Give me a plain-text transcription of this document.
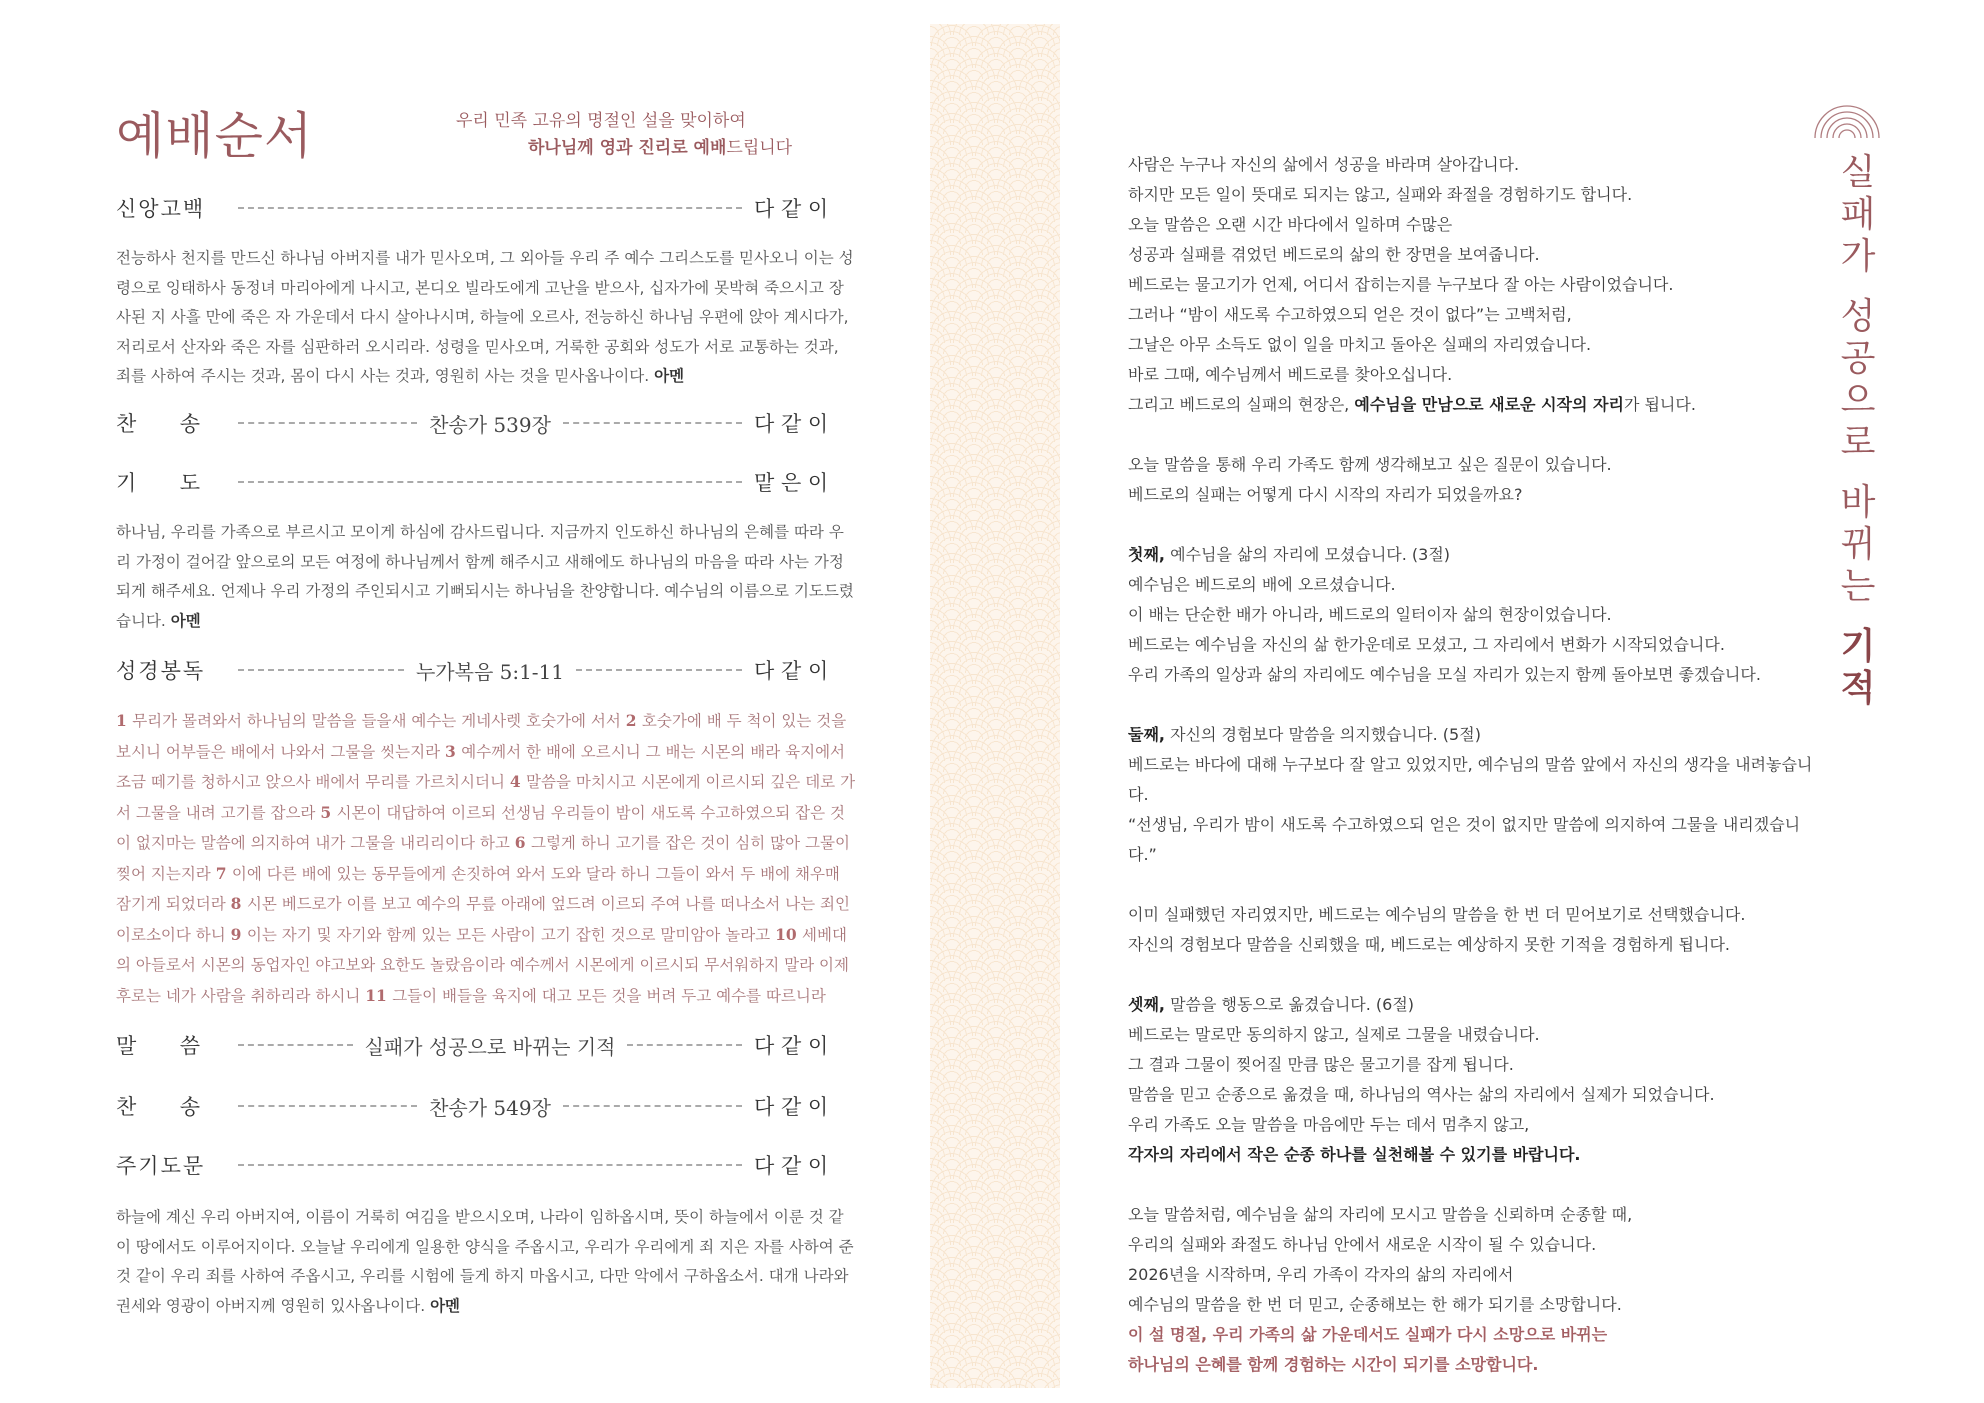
예배순서	우리 민족 고유의 명절인 설을 맞이하여
하나님께 영과 진리로 예배드립니다
신앙고백	다 같 이
전능하사 천지를 만드신 하나님 아버지를 내가 믿사오며, 그 외아들 우리 주 예수 그리스도를 믿사오니 이는 성령으로 잉태하사 동정녀 마리아에게 나시고, 본디오 빌라도에게 고난을 받으사, 십자가에 못박혀 죽으시고 장사된 지 사흘 만에 죽은 자 가운데서 다시 살아나시며, 하늘에 오르사, 전능하신 하나님 우편에 앉아 계시다가, 저리로서 산자와 죽은 자를 심판하러 오시리라. 성령을 믿사오며, 거룩한 공회와 성도가 서로 교통하는 것과, 죄를 사하여 주시는 것과, 몸이 다시 사는 것과, 영원히 사는 것을 믿사옵나이다. 아멘
찬 송	찬송가 539장	다 같 이
기 도	맡 은 이
하나님, 우리를 가족으로 부르시고 모이게 하심에 감사드립니다. 지금까지 인도하신 하나님의 은혜를 따라 우리 가정이 걸어갈 앞으로의 모든 여정에 하나님께서 함께 해주시고 새해에도 하나님의 마음을 따라 사는 가정되게 해주세요. 언제나 우리 가정의 주인되시고 기뻐되시는 하나님을 찬양합니다. 예수님의 이름으로 기도드렸습니다. 아멘
성경봉독	누가복음 5:1-11	다 같 이
1 무리가 몰려와서 하나님의 말씀을 들을새 예수는 게네사렛 호숫가에 서서 2 호숫가에 배 두 척이 있는 것을 보시니 어부들은 배에서 나와서 그물을 씻는지라 3 예수께서 한 배에 오르시니 그 배는 시몬의 배라 육지에서 조금 떼기를 청하시고 앉으사 배에서 무리를 가르치시더니 4 말씀을 마치시고 시몬에게 이르시되 깊은 데로 가서 그물을 내려 고기를 잡으라 5 시몬이 대답하여 이르되 선생님 우리들이 밤이 새도록 수고하였으되 잡은 것이 없지마는 말씀에 의지하여 내가 그물을 내리리이다 하고 6 그렇게 하니 고기를 잡은 것이 심히 많아 그물이 찢어 지는지라 7 이에 다른 배에 있는 동무들에게 손짓하여 와서 도와 달라 하니 그들이 와서 두 배에 채우매 잠기게 되었더라 8 시몬 베드로가 이를 보고 예수의 무릎 아래에 엎드려 이르되 주여 나를 떠나소서 나는 죄인이로소이다 하니 9 이는 자기 및 자기와 함께 있는 모든 사람이 고기 잡힌 것으로 말미암아 놀라고 10 세베대의 아들로서 시몬의 동업자인 야고보와 요한도 놀랐음이라 예수께서 시몬에게 이르시되 무서워하지 말라 이제 후로는 네가 사람을 취하리라 하시니 11 그들이 배들을 육지에 대고 모든 것을 버려 두고 예수를 따르니라
말 씀	실패가 성공으로 바뀌는 기적	다 같 이
찬 송	찬송가 549장	다 같 이
주기도문	다 같 이
하늘에 계신 우리 아버지여, 이름이 거룩히 여김을 받으시오며, 나라이 임하옵시며, 뜻이 하늘에서 이룬 것 같이 땅에서도 이루어지이다. 오늘날 우리에게 일용한 양식을 주옵시고, 우리가 우리에게 죄 지은 자를 사하여 준 것 같이 우리 죄를 사하여 주옵시고, 우리를 시험에 들게 하지 마옵시고, 다만 악에서 구하옵소서. 대개 나라와 권세와 영광이 아버지께 영원히 있사옵나이다. 아멘
실
패
가
성
공
으
로
바
뀌
는
기
적

사람은 누구나 자신의 삶에서 성공을 바라며 살아갑니다.

하지만 모든 일이 뜻대로 되지는 않고, 실패와 좌절을 경험하기도 합니다.

오늘 말씀은 오랜 시간 바다에서 일하며 수많은

성공과 실패를 겪었던 베드로의 삶의 한 장면을 보여줍니다.

베드로는 물고기가 언제, 어디서 잡히는지를 누구보다 잘 아는 사람이었습니다.

그러나 “밤이 새도록 수고하였으되 얻은 것이 없다”는 고백처럼,

그날은 아무 소득도 없이 일을 마치고 돌아온 실패의 자리였습니다.

바로 그때, 예수님께서 베드로를 찾아오십니다.

그리고 베드로의 실패의 현장은, 예수님을 만남으로 새로운 시작의 자리가 됩니다.

오늘 말씀을 통해 우리 가족도 함께 생각해보고 싶은 질문이 있습니다.

베드로의 실패는 어떻게 다시 시작의 자리가 되었을까요?

첫째, 예수님을 삶의 자리에 모셨습니다. (3절)

예수님은 베드로의 배에 오르셨습니다.

이 배는 단순한 배가 아니라, 베드로의 일터이자 삶의 현장이었습니다.

베드로는 예수님을 자신의 삶 한가운데로 모셨고, 그 자리에서 변화가 시작되었습니다.

우리 가족의 일상과 삶의 자리에도 예수님을 모실 자리가 있는지 함께 돌아보면 좋겠습니다.

둘째, 자신의 경험보다 말씀을 의지했습니다. (5절)

베드로는 바다에 대해 누구보다 잘 알고 있었지만, 예수님의 말씀 앞에서 자신의 생각을 내려놓습니다.

“선생님, 우리가 밤이 새도록 수고하였으되 얻은 것이 없지만 말씀에 의지하여 그물을 내리겠습니다.”

이미 실패했던 자리였지만, 베드로는 예수님의 말씀을 한 번 더 믿어보기로 선택했습니다.

자신의 경험보다 말씀을 신뢰했을 때, 베드로는 예상하지 못한 기적을 경험하게 됩니다.

셋째, 말씀을 행동으로 옮겼습니다. (6절)

베드로는 말로만 동의하지 않고, 실제로 그물을 내렸습니다.

그 결과 그물이 찢어질 만큼 많은 물고기를 잡게 됩니다.

말씀을 믿고 순종으로 옮겼을 때, 하나님의 역사는 삶의 자리에서 실제가 되었습니다.

우리 가족도 오늘 말씀을 마음에만 두는 데서 멈추지 않고,

각자의 자리에서 작은 순종 하나를 실천해볼 수 있기를 바랍니다.

오늘 말씀처럼, 예수님을 삶의 자리에 모시고 말씀을 신뢰하며 순종할 때,

우리의 실패와 좌절도 하나님 안에서 새로운 시작이 될 수 있습니다.

2026년을 시작하며, 우리 가족이 각자의 삶의 자리에서

예수님의 말씀을 한 번 더 믿고, 순종해보는 한 해가 되기를 소망합니다.

이 설 명절, 우리 가족의 삶 가운데서도 실패가 다시 소망으로 바뀌는

하나님의 은혜를 함께 경험하는 시간이 되기를 소망합니다.
